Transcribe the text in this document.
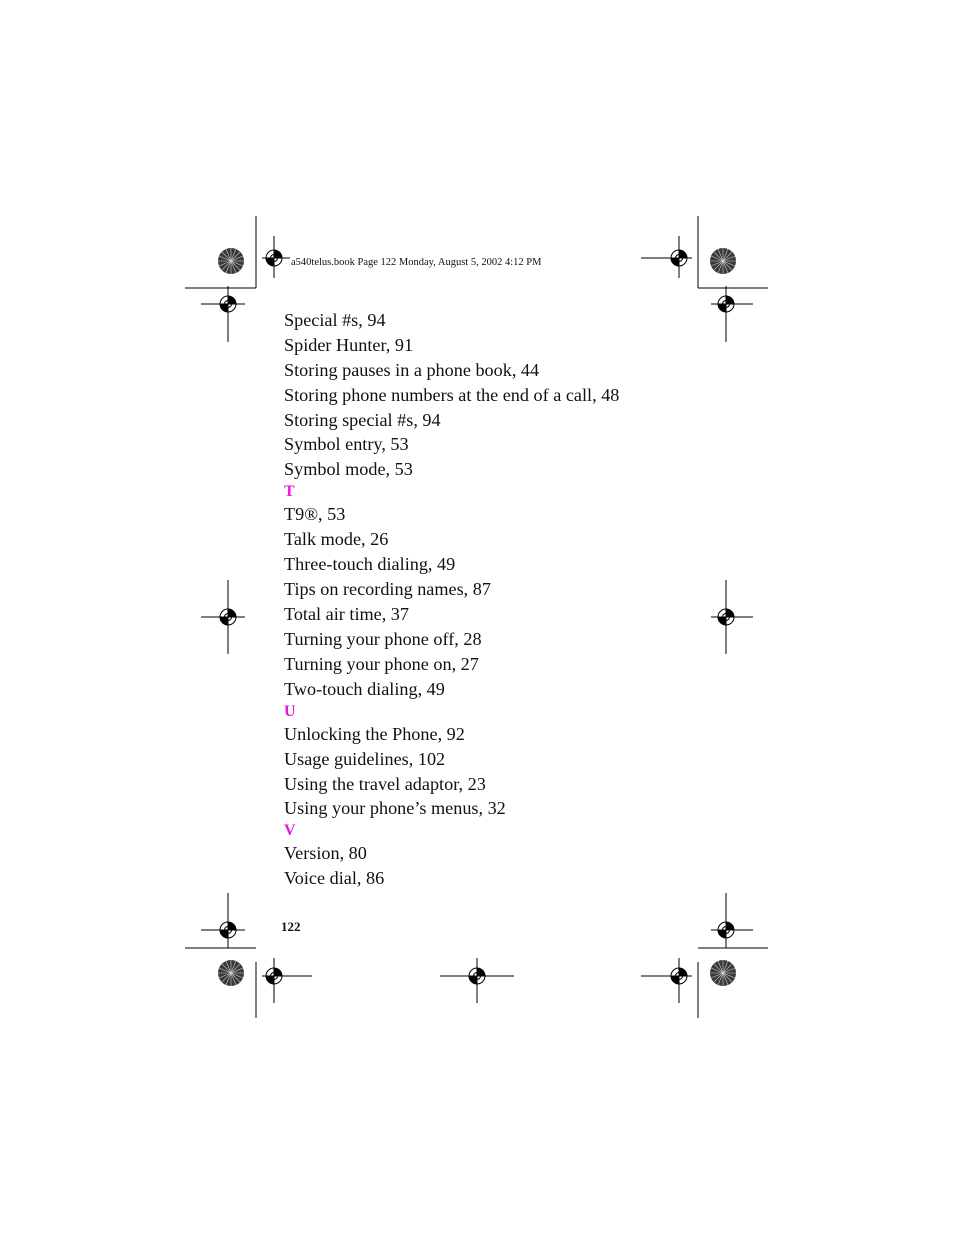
a540telus.book Page 122 Monday, August 5, 2002 4:12 PM
Special #s, 94
Spider Hunter, 91
Storing pauses in a phone book, 44
Storing phone numbers at the end of a call, 48
Storing special #s, 94
Symbol entry, 53
Symbol mode, 53
T
T9®, 53
Talk mode, 26
Three-touch dialing, 49
Tips on recording names, 87
Total air time, 37
Turning your phone off, 28
Turning your phone on, 27
Two-touch dialing, 49
U
Unlocking the Phone, 92
Usage guidelines, 102
Using the travel adaptor, 23
Using your phone’s menus, 32
V
Version, 80
Voice dial, 86
122
